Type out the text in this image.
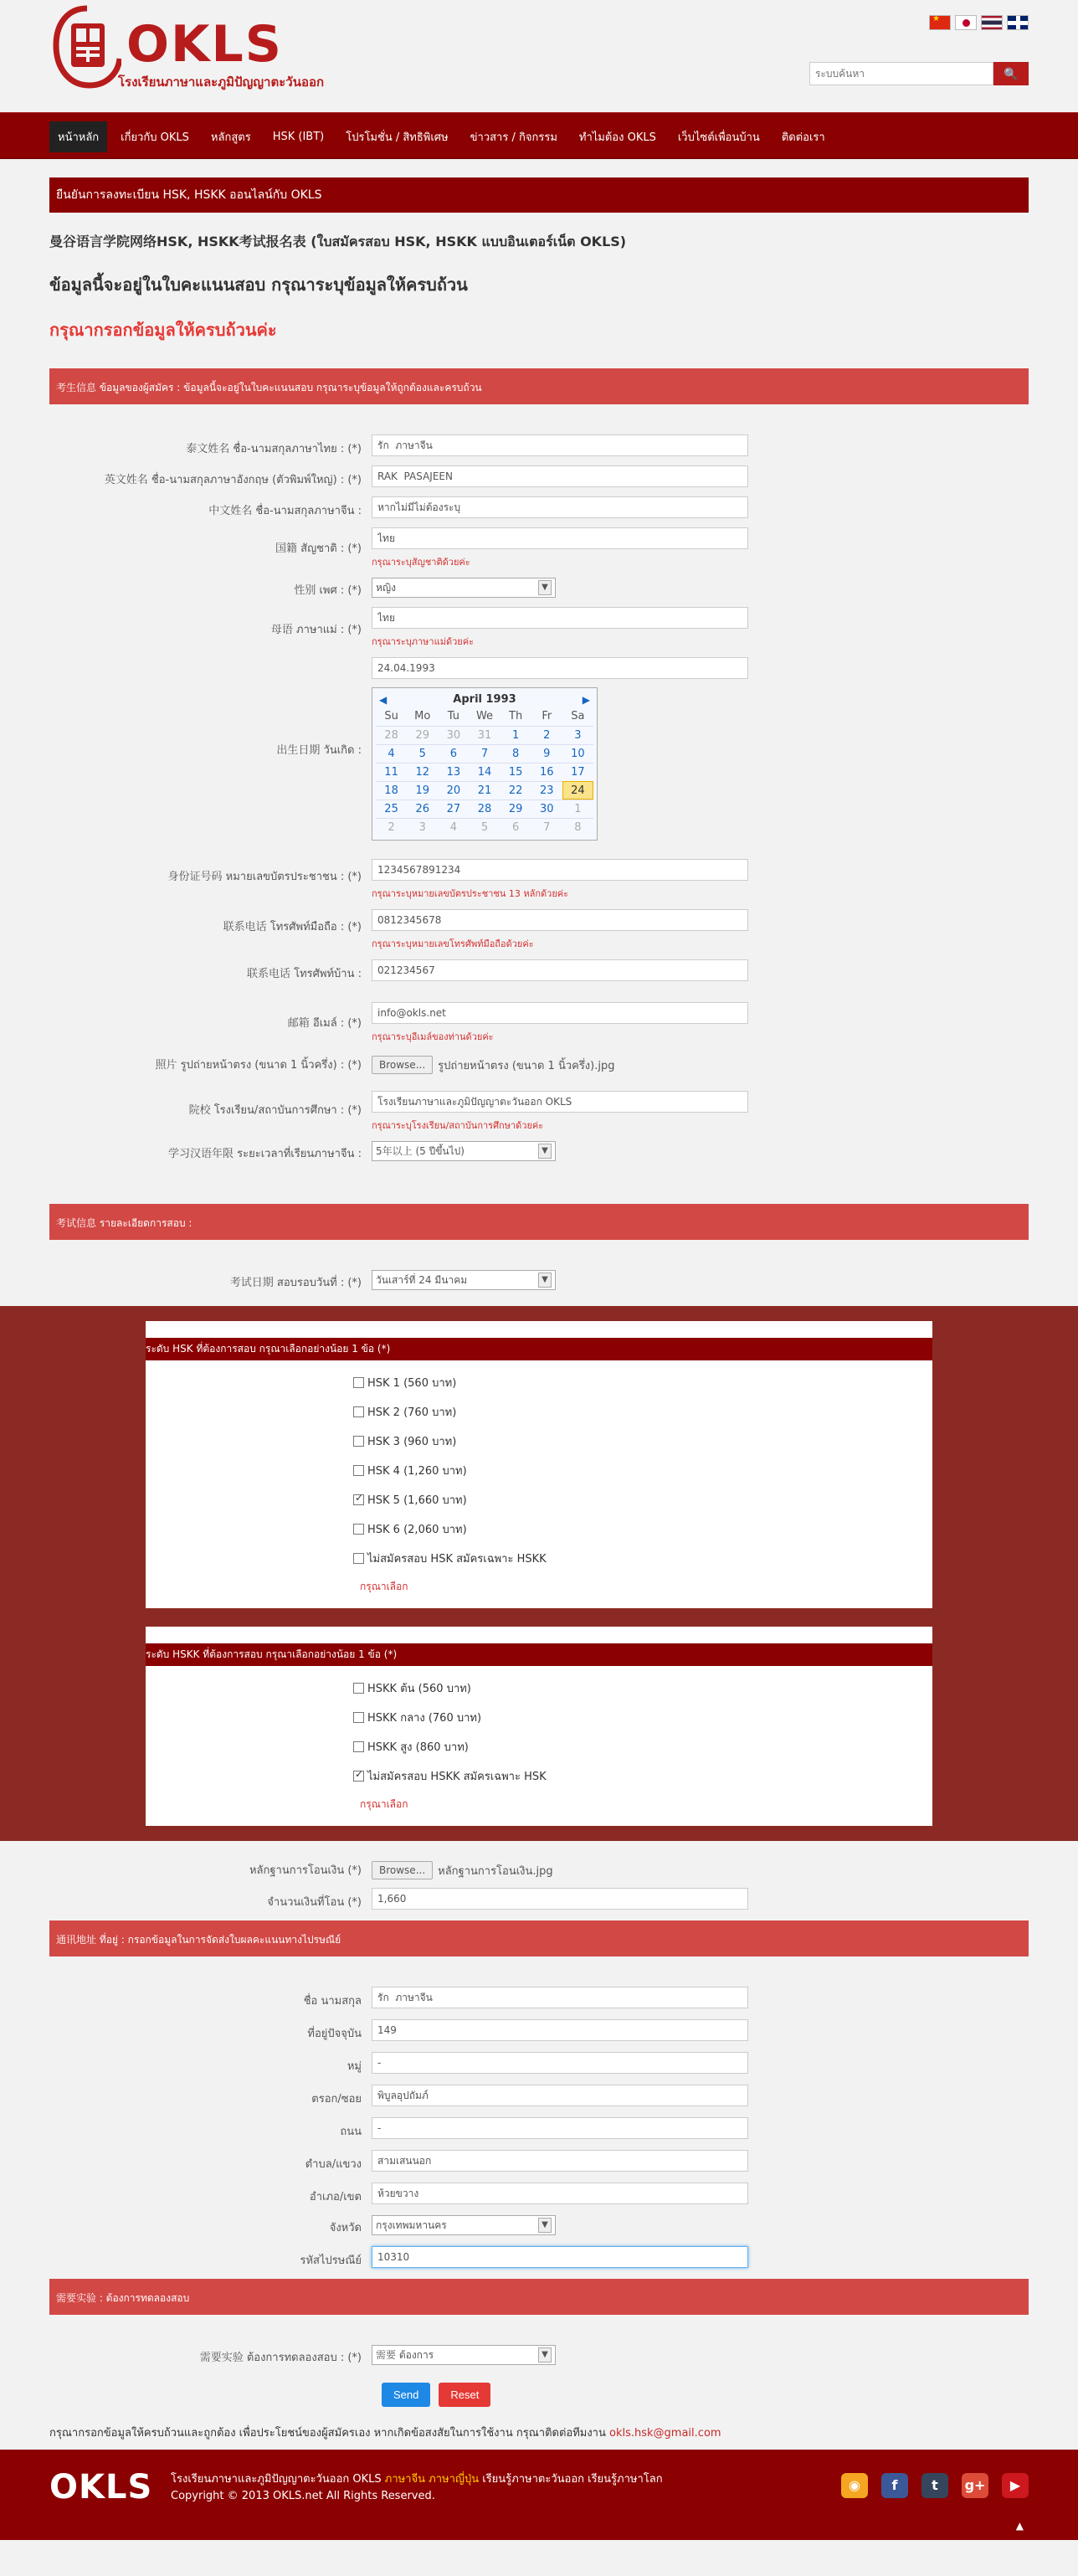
OKLS
โรงเรียนภาษาและภูมิปัญญาตะวันออก
★
ระบบค้นหา
🔍
หน้าหลัก	เกี่ยวกับ OKLS	หลักสูตร	HSK (IBT)	โปรโมชั่น / สิทธิพิเศษ	ข่าวสาร / กิจกรรม	ทำไมต้อง OKLS	เว็บไซต์เพื่อนบ้าน	ติดต่อเรา
ยืนยันการลงทะเบียน HSK, HSKK ออนไลน์กับ OKLS
曼谷语言学院网络HSK, HSKK考试报名表 (ใบสมัครสอบ HSK, HSKK แบบอินเตอร์เน็ต OKLS)
ข้อมูลนี้จะอยู่ในใบคะแนนสอบ กรุณาระบุข้อมูลให้ครบถ้วน
กรุณากรอกข้อมูลให้ครบถ้วนค่ะ
考生信息 ข้อมูลของผู้สมัคร : ข้อมูลนี้จะอยู่ในใบคะแนนสอบ กรุณาระบุข้อมูลให้ถูกต้องและครบถ้วน
泰文姓名 ชื่อ-นามสกุลภาษาไทย : (*)
รัก ภาษาจีน
英文姓名 ชื่อ-นามสกุลภาษาอังกฤษ (ตัวพิมพ์ใหญ่) : (*)
RAK PASAJEEN
中文姓名 ชื่อ-นามสกุลภาษาจีน :
หากไม่มีไม่ต้องระบุ
国籍 สัญชาติ : (*)
ไทย
กรุณาระบุสัญชาติด้วยค่ะ
性别 เพศ : (*)	หญิง	▼
母语 ภาษาแม่ : (*)
ไทย
กรุณาระบุภาษาแม่ด้วยค่ะ
出生日期 วันเกิด :
24.04.1993
◀	April 1993	▶
Su	Mo	Tu	We	Th	Fr	Sa
28	29	30	31	1	2	3
4	5	6	7	8	9	10
11	12	13	14	15	16	17
18	19	20	21	22	23	24
25	26	27	28	29	30	1
2	3	4	5	6	7	8
身份证号码 หมายเลขบัตรประชาชน : (*)
1234567891234
กรุณาระบุหมายเลขบัตรประชาชน 13 หลักด้วยค่ะ
联系电话 โทรศัพท์มือถือ : (*)
0812345678
กรุณาระบุหมายเลขโทรศัพท์มือถือด้วยค่ะ
联系电话 โทรศัพท์บ้าน :
021234567
邮箱 อีเมล์ : (*)
info@okls.net
กรุณาระบุอีเมล์ของท่านด้วยค่ะ
照片 รูปถ่ายหน้าตรง (ขนาด 1 นิ้วครึ่ง) : (*)	Browse...	รูปถ่ายหน้าตรง (ขนาด 1 นิ้วครึ่ง).jpg
院校 โรงเรียน/สถาบันการศึกษา : (*)
โรงเรียนภาษาและภูมิปัญญาตะวันออก OKLS
กรุณาระบุโรงเรียน/สถาบันการศึกษาด้วยค่ะ
学习汉语年限 ระยะเวลาที่เรียนภาษาจีน :	5年以上 (5 ปีขึ้นไป)	▼
考试信息 รายละเอียดการสอบ :
考试日期 สอบรอบวันที่ : (*)	วันเสาร์ที่ 24 มีนาคม	▼
ระดับ HSK ที่ต้องการสอบ กรุณาเลือกอย่างน้อย 1 ข้อ (*)
HSK 1 (560 บาท)
HSK 2 (760 บาท)
HSK 3 (960 บาท)
HSK 4 (1,260 บาท)
✓
HSK 5 (1,660 บาท)
HSK 6 (2,060 บาท)
ไม่สมัครสอบ HSK สมัครเฉพาะ HSKK
กรุณาเลือก
ระดับ HSKK ที่ต้องการสอบ กรุณาเลือกอย่างน้อย 1 ข้อ (*)
HSKK ต้น (560 บาท)
HSKK กลาง (760 บาท)
HSKK สูง (860 บาท)
✓
ไม่สมัครสอบ HSKK สมัครเฉพาะ HSK
กรุณาเลือก
หลักฐานการโอนเงิน (*)	Browse...	หลักฐานการโอนเงิน.jpg
จำนวนเงินที่โอน (*)
1,660
通讯地址 ที่อยู่ : กรอกข้อมูลในการจัดส่งใบผลคะแนนทางไปรษณีย์
ชื่อ นามสกุล
รัก ภาษาจีน
ที่อยู่ปัจจุบัน
149
หมู่
-
ตรอก/ซอย
พิบูลอุปถัมภ์
ถนน
-
ตำบล/แขวง
สามเสนนอก
อำเภอ/เขต
ห้วยขวาง
จังหวัด	กรุงเทพมหานคร	▼
รหัสไปรษณีย์
10310
需要实验 : ต้องการทดลองสอบ
需要实验 ต้องการทดลองสอบ : (*)	需要 ต้องการ	▼
Send	Reset
กรุณากรอกข้อมูลให้ครบถ้วนและถูกต้อง เพื่อประโยชน์ของผู้สมัครเอง หากเกิดข้อสงสัยในการใช้งาน กรุณาติดต่อทีมงาน okls.hsk@gmail.com
OKLS โรงเรียนภาษาและภูมิปัญญาตะวันออก OKLS ภาษาจีน ภาษาญี่ปุ่น เรียนรู้ภาษาตะวันออก เรียนรู้ภาษาโลก
Copyright © 2013 OKLS.net All Rights Reserved.
◉	f	t	g+	▶
▲
